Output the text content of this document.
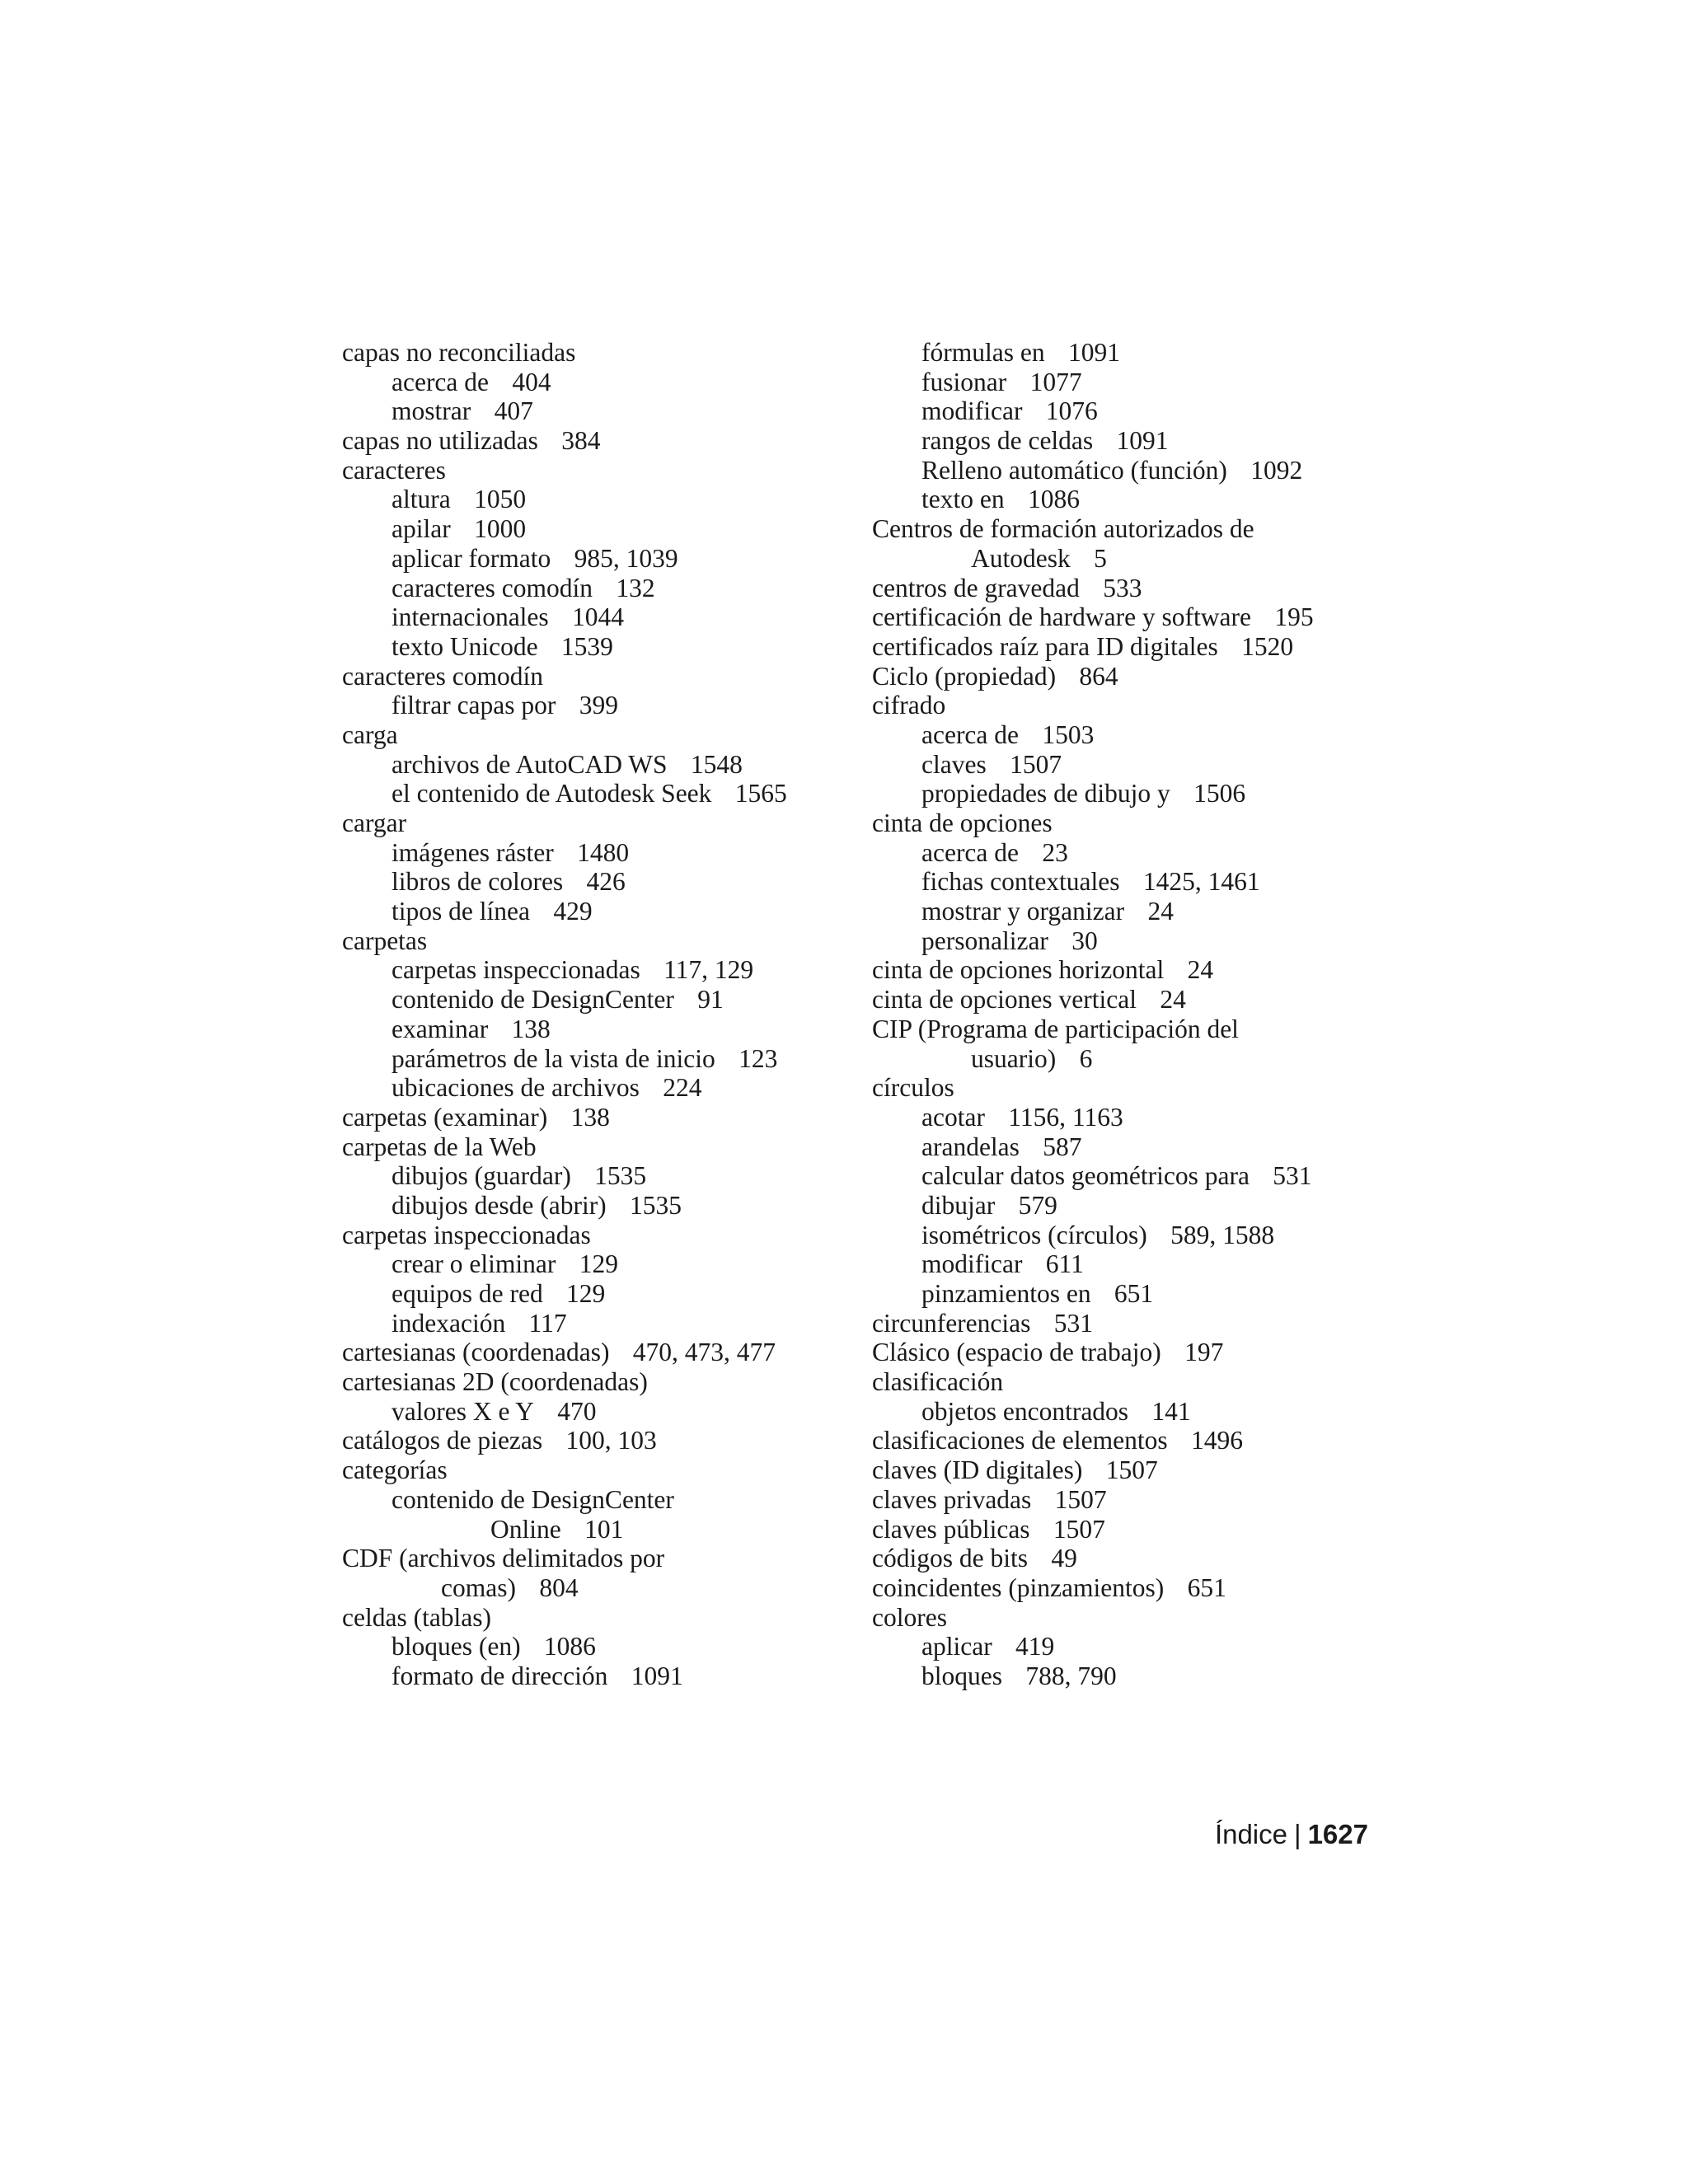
capas no reconciliadas
acerca de 404
mostrar 407
capas no utilizadas 384
caracteres
altura 1050
apilar 1000
aplicar formato 985, 1039
caracteres comodín 132
internacionales 1044
texto Unicode 1539
caracteres comodín
filtrar capas por 399
carga
archivos de AutoCAD WS 1548
el contenido de Autodesk Seek 1565
cargar
imágenes ráster 1480
libros de colores 426
tipos de línea 429
carpetas
carpetas inspeccionadas 117, 129
contenido de DesignCenter 91
examinar 138
parámetros de la vista de inicio 123
ubicaciones de archivos 224
carpetas (examinar) 138
carpetas de la Web
dibujos (guardar) 1535
dibujos desde (abrir) 1535
carpetas inspeccionadas
crear o eliminar 129
equipos de red 129
indexación 117
cartesianas (coordenadas) 470, 473, 477
cartesianas 2D (coordenadas)
valores X e Y 470
catálogos de piezas 100, 103
categorías
contenido de DesignCenter
Online 101
CDF (archivos delimitados por
comas) 804
celdas (tablas)
bloques (en) 1086
formato de dirección 1091
fórmulas en 1091
fusionar 1077
modificar 1076
rangos de celdas 1091
Relleno automático (función) 1092
texto en 1086
Centros de formación autorizados de
Autodesk 5
centros de gravedad 533
certificación de hardware y software 195
certificados raíz para ID digitales 1520
Ciclo (propiedad) 864
cifrado
acerca de 1503
claves 1507
propiedades de dibujo y 1506
cinta de opciones
acerca de 23
fichas contextuales 1425, 1461
mostrar y organizar 24
personalizar 30
cinta de opciones horizontal 24
cinta de opciones vertical 24
CIP (Programa de participación del
usuario) 6
círculos
acotar 1156, 1163
arandelas 587
calcular datos geométricos para 531
dibujar 579
isométricos (círculos) 589, 1588
modificar 611
pinzamientos en 651
circunferencias 531
Clásico (espacio de trabajo) 197
clasificación
objetos encontrados 141
clasificaciones de elementos 1496
claves (ID digitales) 1507
claves privadas 1507
claves públicas 1507
códigos de bits 49
coincidentes (pinzamientos) 651
colores
aplicar 419
bloques 788, 790
Índice | 1627
